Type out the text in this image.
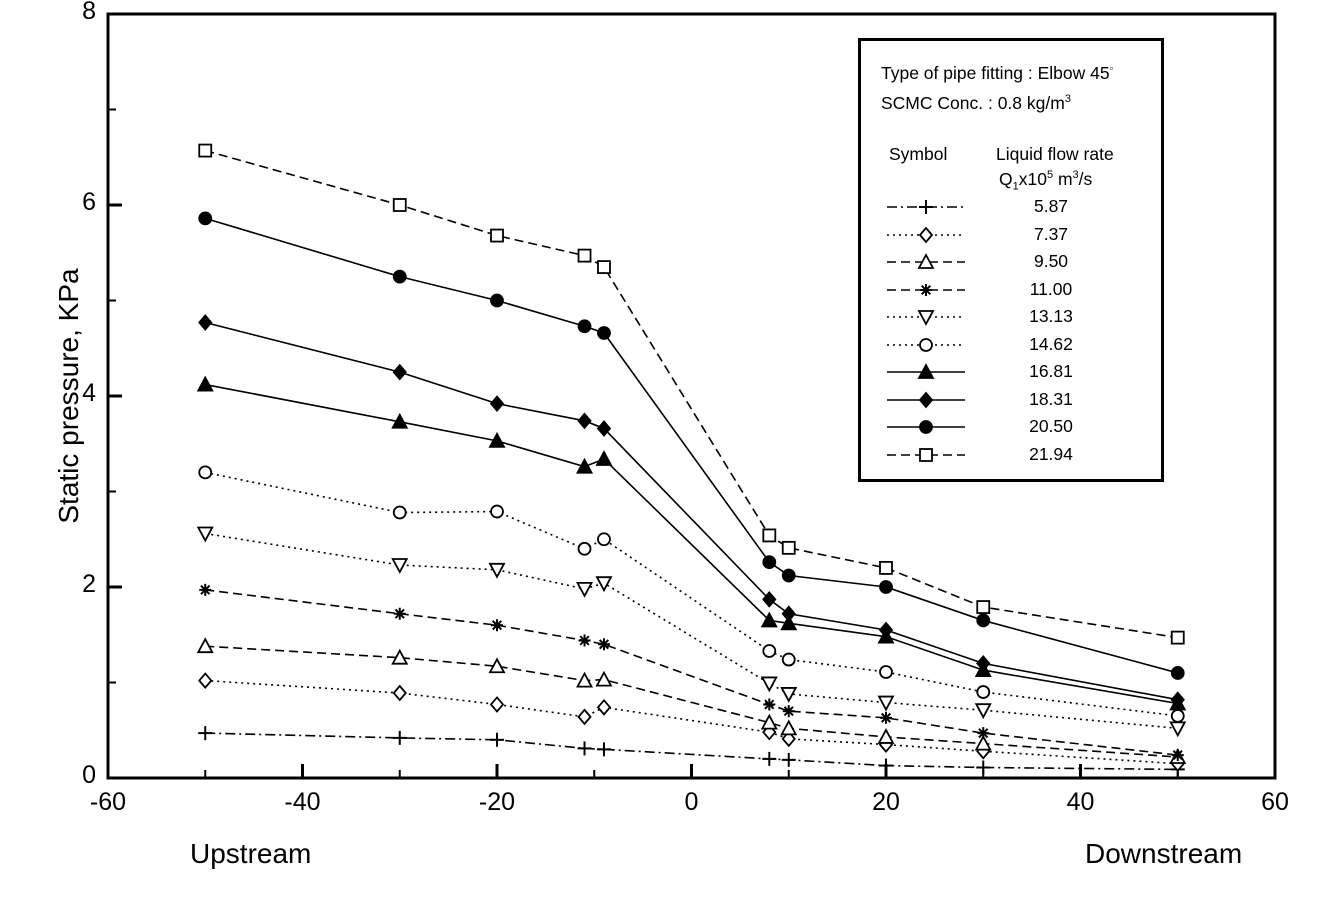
Static pressure, KPa
Upstream	Downstream
Type of pipe fitting : Elbow 45◦
SCMC Conc. : 0.8 $kg/m^3$
Symbol	Liquid flow rate
$Q_1x10^5$ $m^3/s$
5.87
7.37
9.50
11.00
13.13
14.62
16.81
18.31
20.50
21.94
-60	-40	-20	0	20	40	60
0
2
4
6
8
